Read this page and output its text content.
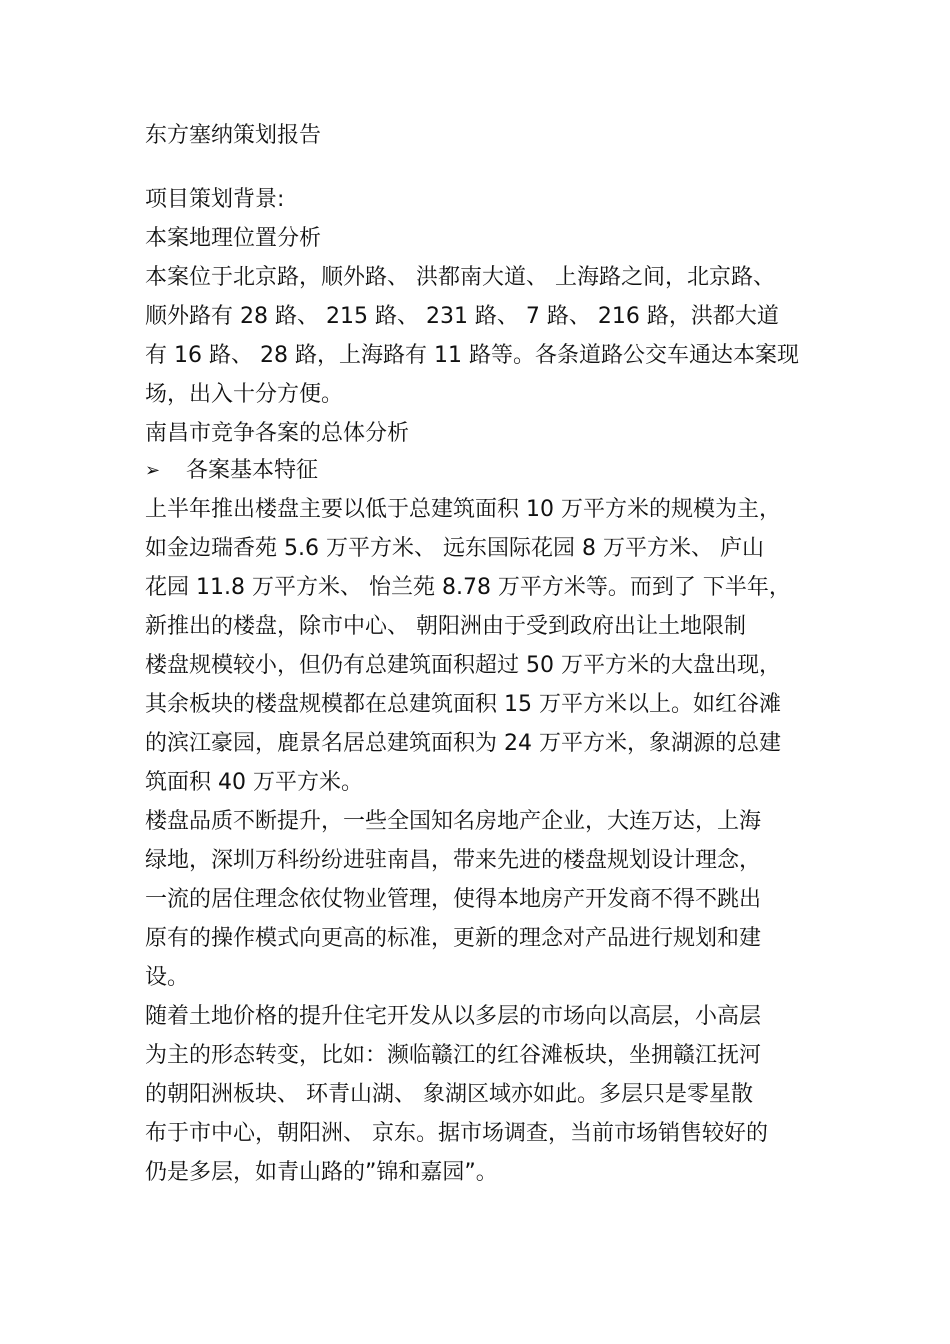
东方塞纳策划报告
项目策划背景:
本案地理位置分析
本案位于北京路，顺外路、 洪都南大道、 上海路之间，北京路、
顺外路有 28 路、 215 路、 231 路、 7 路、 216 路，洪都大道
有 16 路、 28 路，上海路有 11 路等。各条道路公交车通达本案现
场，出入十分方便。
南昌市竞争各案的总体分析
➢ 各案基本特征
上半年推出楼盘主要以低于总建筑面积 10 万平方米的规模为主，
如金边瑞香苑 5.6 万平方米、 远东国际花园 8 万平方米、 庐山
花园 11.8 万平方米、 怡兰苑 8.78 万平方米等。而到了 下半年，
新推出的楼盘，除市中心、 朝阳洲由于受到政府出让土地限制
楼盘规模较小，但仍有总建筑面积超过 50 万平方米的大盘出现，
其余板块的楼盘规模都在总建筑面积 15 万平方米以上。如红谷滩
的滨江豪园，鹿景名居总建筑面积为 24 万平方米，象湖源的总建
筑面积 40 万平方米。
楼盘品质不断提升，一些全国知名房地产企业，大连万达，上海
绿地，深圳万科纷纷进驻南昌，带来先进的楼盘规划设计理念，
一流的居住理念依仗物业管理，使得本地房产开发商不得不跳出
原有的操作模式向更高的标准，更新的理念对产品进行规划和建
设。
随着土地价格的提升住宅开发从以多层的市场向以高层，小高层
为主的形态转变，比如：濒临赣江的红谷滩板块，坐拥赣江抚河
的朝阳洲板块、 环青山湖、 象湖区域亦如此。多层只是零星散
布于市中心，朝阳洲、 京东。据市场调查，当前市场销售较好的
仍是多层，如青山路的”锦和嘉园”。
